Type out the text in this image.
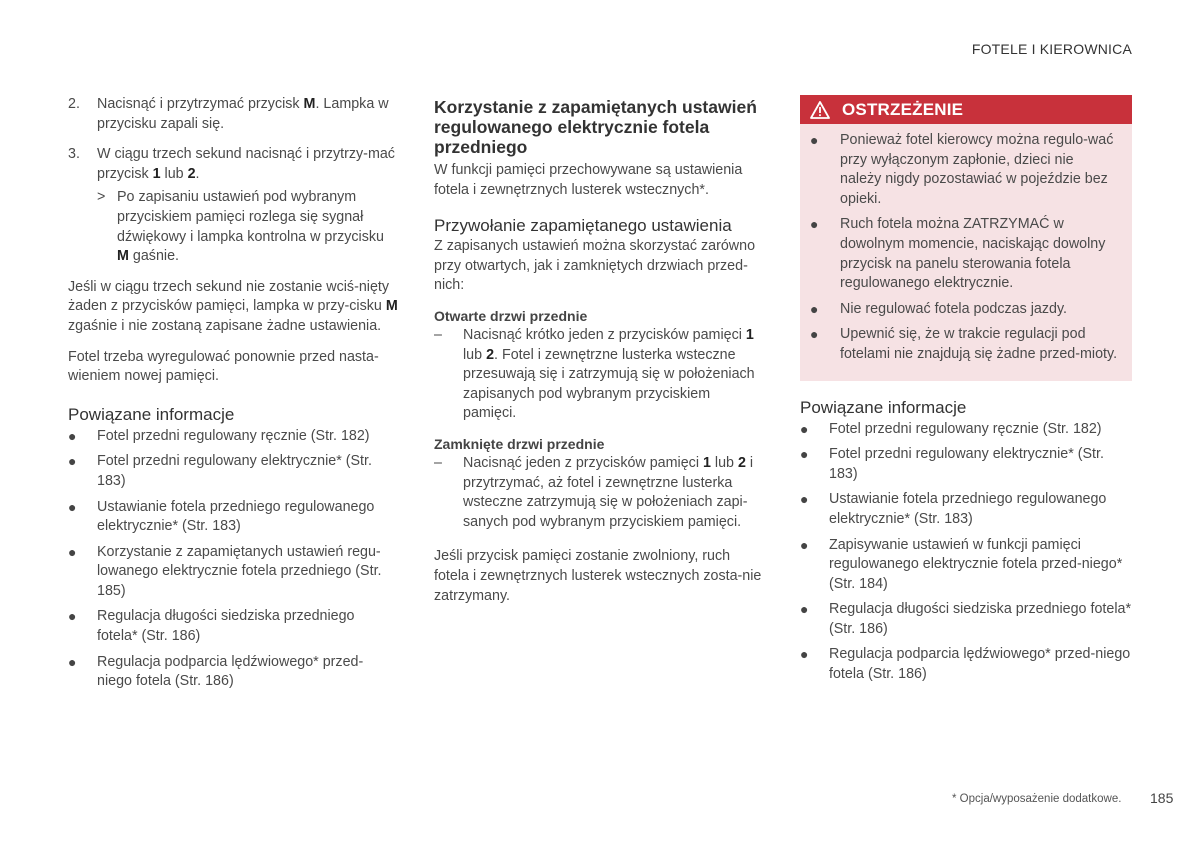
FOTELE I KIEROWNICA
2.	Nacisnąć i przytrzymać przycisk M. Lampka w przycisku zapali się.

3.	W ciągu trzech sekund nacisnąć i przytrzy-mać przycisk 1 lub 2.

> Po zapisaniu ustawień pod wybranym przyciskiem pamięci rozlega się sygnał dźwiękowy i lampka kontrolna w przycisku M gaśnie.

Jeśli w ciągu trzech sekund nie zostanie wciś-nięty żaden z przycisków pamięci, lampka w przy-cisku M zgaśnie i nie zostaną zapisane żadne ustawienia.

Fotel trzeba wyregulować ponownie przed nasta-wieniem nowej pamięci.

Powiązane informacje
●	Fotel przedni regulowany ręcznie (Str. 182)
●	Fotel przedni regulowany elektrycznie* (Str. 183)
●	Ustawianie fotela przedniego regulowanego elektrycznie* (Str. 183)
●	Korzystanie z zapamiętanych ustawień regu-lowanego elektrycznie fotela przedniego (Str. 185)
●	Regulacja długości siedziska przedniego fotela* (Str. 186)
●	Regulacja podparcia lędźwiowego* przed-niego fotela (Str. 186)
Korzystanie z zapamiętanych ustawień regulowanego elektrycznie fotela przedniego

W funkcji pamięci przechowywane są ustawienia fotela i zewnętrznych lusterek wstecznych*.

Przywołanie zapamiętanego ustawienia

Z zapisanych ustawień można skorzystać zarówno przy otwartych, jak i zamkniętych drzwiach przed-nich:

Otwarte drzwi przednie
–	Nacisnąć krótko jeden z przycisków pamięci 1 lub 2. Fotel i zewnętrzne lusterka wsteczne przesuwają się i zatrzymują się w położeniach zapisanych pod wybranym przyciskiem pamięci.

Zamknięte drzwi przednie
–	Nacisnąć jeden z przycisków pamięci 1 lub 2 i przytrzymać, aż fotel i zewnętrzne lusterka wsteczne zatrzymują się w położeniach zapi-sanych pod wybranym przyciskiem pamięci.

Jeśli przycisk pamięci zostanie zwolniony, ruch fotela i zewnętrznych lusterek wstecznych zosta-nie zatrzymany.

OSTRZEŻENIE
●	Ponieważ fotel kierowcy można regulo-wać przy wyłączonym zapłonie, dzieci nie należy nigdy pozostawiać w pojeździe bez opieki.
●	Ruch fotela można ZATRZYMAĆ w dowolnym momencie, naciskając dowolny przycisk na panelu sterowania fotela regulowanego elektrycznie.
●	Nie regulować fotela podczas jazdy.
●	Upewnić się, że w trakcie regulacji pod fotelami nie znajdują się żadne przed-mioty.
Powiązane informacje
●	Fotel przedni regulowany ręcznie (Str. 182)
●	Fotel przedni regulowany elektrycznie* (Str. 183)
●	Ustawianie fotela przedniego regulowanego elektrycznie* (Str. 183)
●	Zapisywanie ustawień w funkcji pamięci regulowanego elektrycznie fotela przed-niego* (Str. 184)
●	Regulacja długości siedziska przedniego fotela* (Str. 186)
●	Regulacja podparcia lędźwiowego* przed-niego fotela (Str. 186)
* Opcja/wyposażenie dodatkowe. 185
